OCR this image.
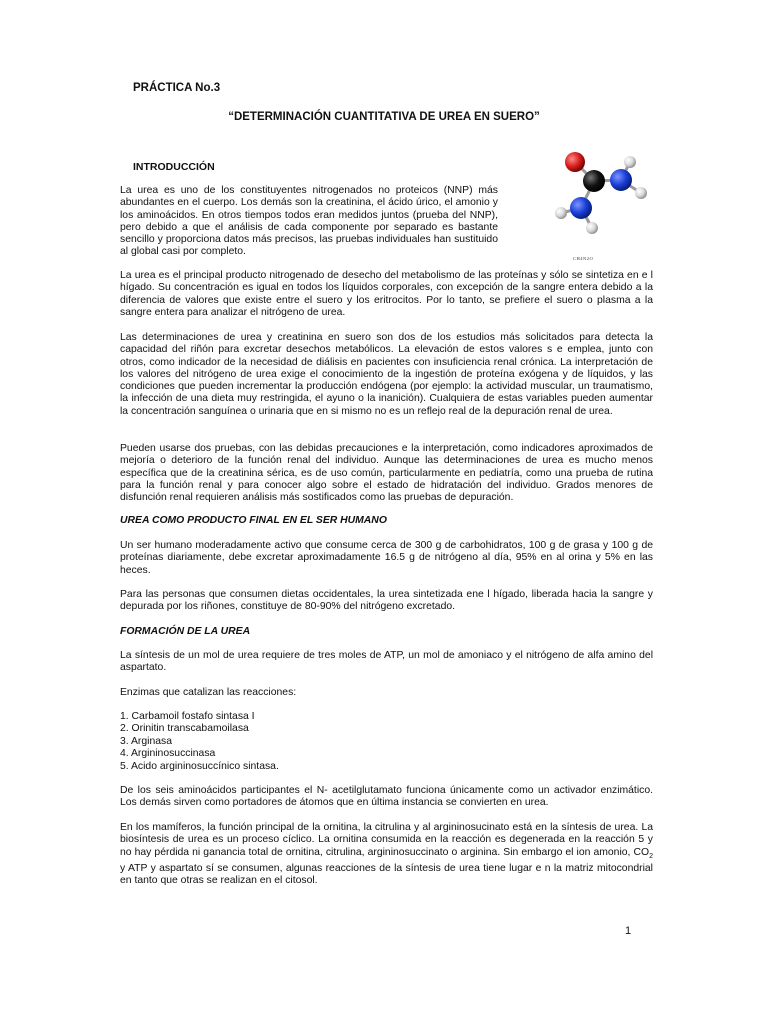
PRÁCTICA No.3
“DETERMINACIÓN CUANTITATIVA DE UREA EN SUERO”
INTRODUCCIÓN
CH4N2O

La urea es uno de los constituyentes nitrogenados no proteicos (NNP) más abundantes en el cuerpo. Los demás son la creatinina, el ácido úrico, el amonio y los aminoácidos. En otros tiempos todos eran medidos juntos (prueba del NNP), pero debido a que el análisis de cada componente por separado es bastante sencillo y proporciona datos más precisos, las pruebas individuales han sustituido al global casi por completo.

La urea es el principal producto nitrogenado de desecho del metabolismo de las proteínas y sólo se sintetiza en e l hígado. Su concentración es igual en todos los líquidos corporales, con excepción de la sangre entera debido a la diferencia de valores que existe entre el suero y los eritrocitos. Por lo tanto, se prefiere el suero o plasma a la sangre entera para analizar el nitrógeno de urea.

Las determinaciones de urea y creatinina en suero son dos de los estudios más solicitados para detecta la capacidad del riñón para excretar desechos metabólicos. La elevación de estos valores s e emplea, junto con otros, como indicador de la necesidad de diálisis en pacientes con insuficiencia renal crónica. La interpretación de los valores del nitrógeno de urea exige el conocimiento de la ingestión de proteína exógena y de líquidos, y las condiciones que pueden incrementar la producción endógena (por ejemplo: la actividad muscular, un traumatismo, la infección de una dieta muy restringida, el ayuno o la inanición). Cualquiera de estas variables pueden aumentar la concentración sanguínea o urinaria que en si mismo no es un reflejo real de la depuración renal de urea.

Pueden usarse dos pruebas, con las debidas precauciones e la interpretación, como indicadores aproximados de mejoría o deterioro de la función renal del individuo. Aunque las determinaciones de urea es mucho menos específica que de la creatinina sérica, es de uso común, particularmente en pediatría, como una prueba de rutina para la función renal y para conocer algo sobre el estado de hidratación del individuo. Grados menores de disfunción renal requieren análisis más sostificados como las pruebas de depuración.

UREA COMO PRODUCTO FINAL EN EL SER HUMANO

Un ser humano moderadamente activo que consume cerca de 300 g de carbohidratos, 100 g de grasa y 100 g de proteínas diariamente, debe excretar aproximadamente 16.5 g de nitrógeno al día, 95% en al orina y 5% en las heces.

Para las personas que consumen dietas occidentales, la urea sintetizada ene l hígado, liberada hacia la sangre y depurada por los riñones, constituye de 80-90% del nitrógeno excretado.

FORMACIÓN DE LA UREA

La síntesis de un mol de urea requiere de tres moles de ATP, un mol de amoniaco y el nitrógeno de alfa amino del aspartato.

Enzimas que catalizan las reacciones:

1. Carbamoil fostafo sintasa I
2. Orinitin transcabamoilasa
3. Arginasa
4. Argininosuccinasa
5. Acido argininosuccínico sintasa.

De los seis aminoácidos participantes el N- acetilglutamato funciona únicamente como un activador enzimático. Los demás sirven como portadores de átomos que en última instancia se convierten en urea.

En los mamíferos, la función principal de la ornitina, la citrulina y al argininosucinato está en la síntesis de urea. La biosíntesis de urea es un proceso cíclico. La ornitina consumida en la reacción es degenerada en la reacción 5 y no hay pérdida ni ganancia total de ornitina, citrulina, argininosuccinato o arginina. Sin embargo el ion amonio, $CO_2$ y ATP y aspartato sí se consumen, algunas reacciones de la síntesis de urea tiene lugar e n la matriz mitocondrial en tanto que otras se realizan en el citosol.

1
